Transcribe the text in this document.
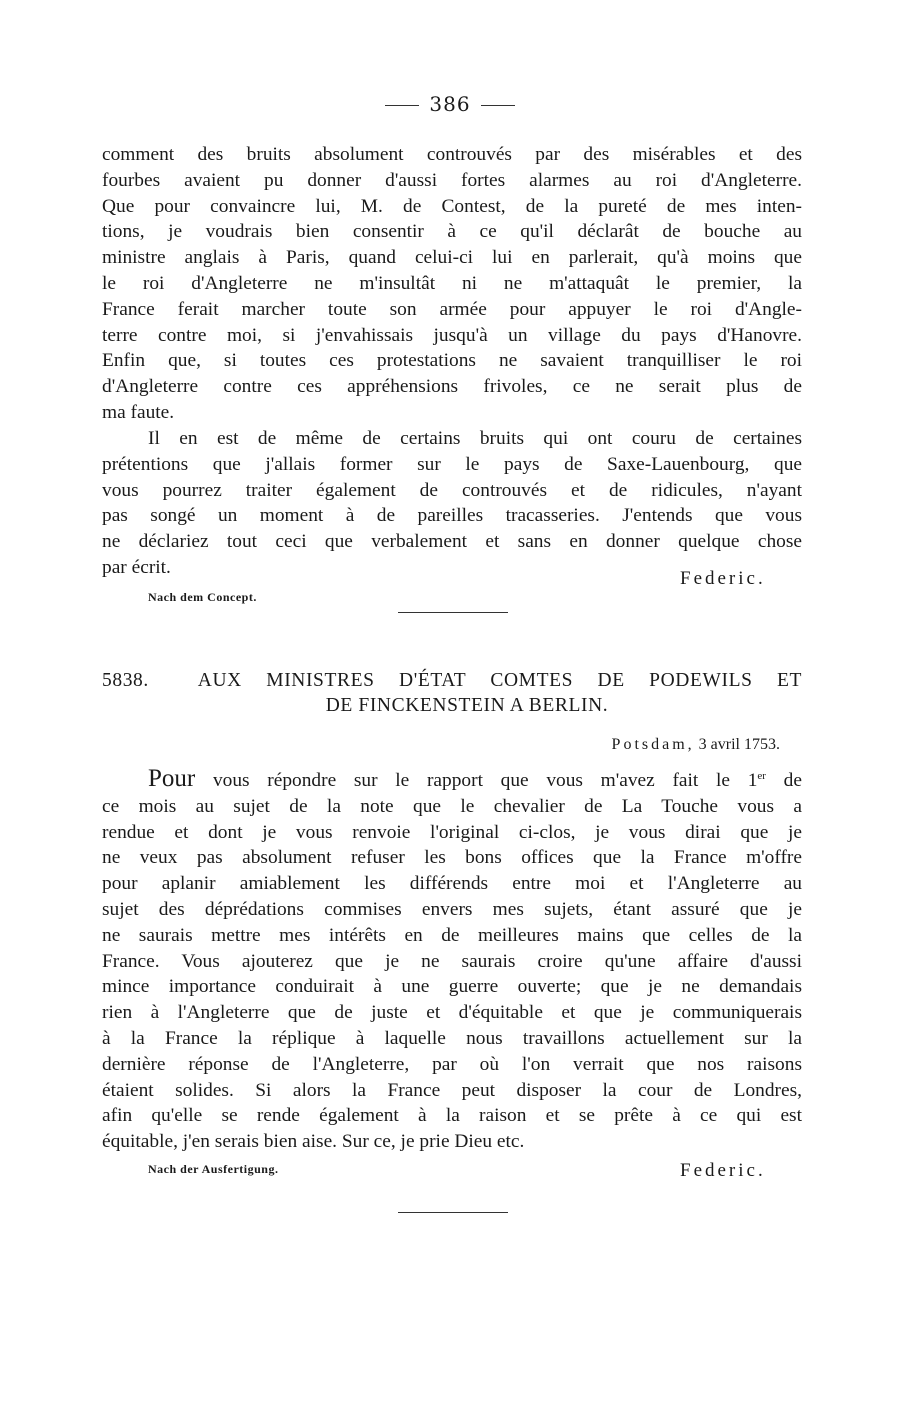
386
comment des bruits absolument controuvés par des misérables et des
fourbes avaient pu donner d'aussi fortes alarmes au roi d'Angleterre.
Que pour convaincre lui, M. de Contest, de la pureté de mes inten-
tions, je voudrais bien consentir à ce qu'il déclarât de bouche au
ministre anglais à Paris, quand celui-ci lui en parlerait, qu'à moins que
le roi d'Angleterre ne m'insultât ni ne m'attaquât le premier, la
France ferait marcher toute son armée pour appuyer le roi d'Angle-
terre contre moi, si j'envahissais jusqu'à un village du pays d'Hanovre.
Enfin que, si toutes ces protestations ne savaient tranquilliser le roi
d'Angleterre contre ces appréhensions frivoles, ce ne serait plus de
ma faute.
Il en est de même de certains bruits qui ont couru de certaines
prétentions que j'allais former sur le pays de Saxe-Lauenbourg, que
vous pourrez traiter également de controuvés et de ridicules, n'ayant
pas songé un moment à de pareilles tracasseries. J'entends que vous
ne déclariez tout ceci que verbalement et sans en donner quelque chose
par écrit.
Federic.
Nach dem Concept.
5838.	AUX MINISTRES D'ÉTAT COMTES DE PODEWILS ET
DE FINCKENSTEIN A BERLIN.
Potsdam, 3 avril 1753.
Pour vous répondre sur le rapport que vous m'avez fait le 1er de
ce mois au sujet de la note que le chevalier de La Touche vous a
rendue et dont je vous renvoie l'original ci-clos, je vous dirai que je
ne veux pas absolument refuser les bons offices que la France m'offre
pour aplanir amiablement les différends entre moi et l'Angleterre au
sujet des déprédations commises envers mes sujets, étant assuré que je
ne saurais mettre mes intérêts en de meilleures mains que celles de la
France. Vous ajouterez que je ne saurais croire qu'une affaire d'aussi
mince importance conduirait à une guerre ouverte; que je ne demandais
rien à l'Angleterre que de juste et d'équitable et que je communiquerais
à la France la réplique à laquelle nous travaillons actuellement sur la
dernière réponse de l'Angleterre, par où l'on verrait que nos raisons
étaient solides. Si alors la France peut disposer la cour de Londres,
afin qu'elle se rende également à la raison et se prête à ce qui est
équitable, j'en serais bien aise. Sur ce, je prie Dieu etc.
Nach der Ausfertigung.	Federic.
